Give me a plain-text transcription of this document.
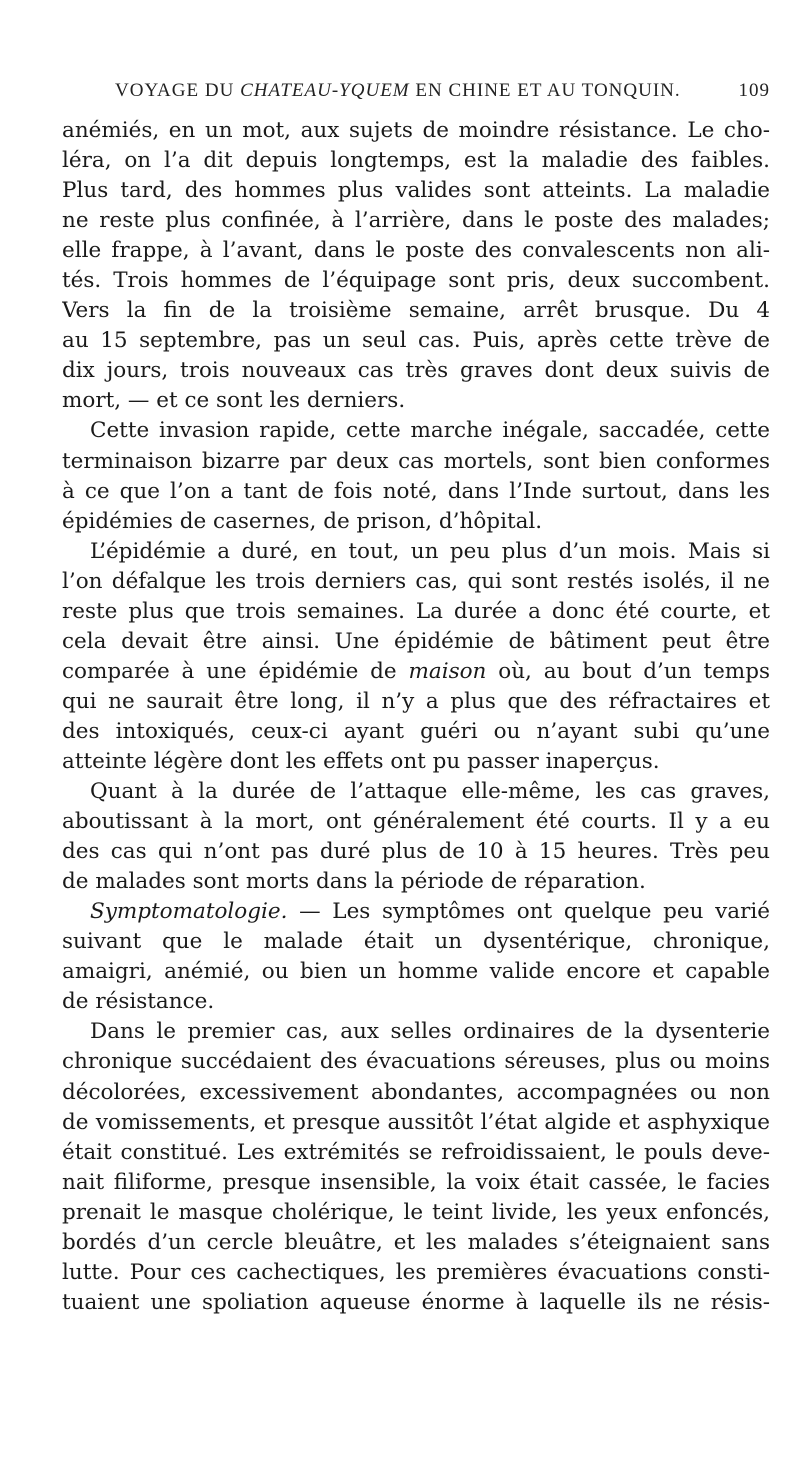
VOYAGE DU CHATEAU-YQUEM EN CHINE ET AU TONQUIN.	109
anémiés, en un mot, aux sujets de moindre résistance. Le cho-
léra, on l’a dit depuis longtemps, est la maladie des faibles.
Plus tard, des hommes plus valides sont atteints. La maladie
ne reste plus confinée, à l’arrière, dans le poste des malades;
elle frappe, à l’avant, dans le poste des convalescents non ali-
tés. Trois hommes de l’équipage sont pris, deux succombent.
Vers la fin de la troisième semaine, arrêt brusque. Du 4
au 15 septembre, pas un seul cas. Puis, après cette trève de
dix jours, trois nouveaux cas très graves dont deux suivis de
mort, — et ce sont les derniers.
Cette invasion rapide, cette marche inégale, saccadée, cette
terminaison bizarre par deux cas mortels, sont bien conformes
à ce que l’on a tant de fois noté, dans l’Inde surtout, dans les
épidémies de casernes, de prison, d’hôpital.
L’épidémie a duré, en tout, un peu plus d’un mois. Mais si
l’on défalque les trois derniers cas, qui sont restés isolés, il ne
reste plus que trois semaines. La durée a donc été courte, et
cela devait être ainsi. Une épidémie de bâtiment peut être
comparée à une épidémie de maison où, au bout d’un temps
qui ne saurait être long, il n’y a plus que des réfractaires et
des intoxiqués, ceux-ci ayant guéri ou n’ayant subi qu’une
atteinte légère dont les effets ont pu passer inaperçus.
Quant à la durée de l’attaque elle-même, les cas graves,
aboutissant à la mort, ont généralement été courts. Il y a eu
des cas qui n’ont pas duré plus de 10 à 15 heures. Très peu
de malades sont morts dans la période de réparation.
Symptomatologie. — Les symptômes ont quelque peu varié
suivant que le malade était un dysentérique, chronique,
amaigri, anémié, ou bien un homme valide encore et capable
de résistance.
Dans le premier cas, aux selles ordinaires de la dysenterie
chronique succédaient des évacuations séreuses, plus ou moins
décolorées, excessivement abondantes, accompagnées ou non
de vomissements, et presque aussitôt l’état algide et asphyxique
était constitué. Les extrémités se refroidissaient, le pouls deve-
nait filiforme, presque insensible, la voix était cassée, le facies
prenait le masque cholérique, le teint livide, les yeux enfoncés,
bordés d’un cercle bleuâtre, et les malades s’éteignaient sans
lutte. Pour ces cachectiques, les premières évacuations consti-
tuaient une spoliation aqueuse énorme à laquelle ils ne résis-
